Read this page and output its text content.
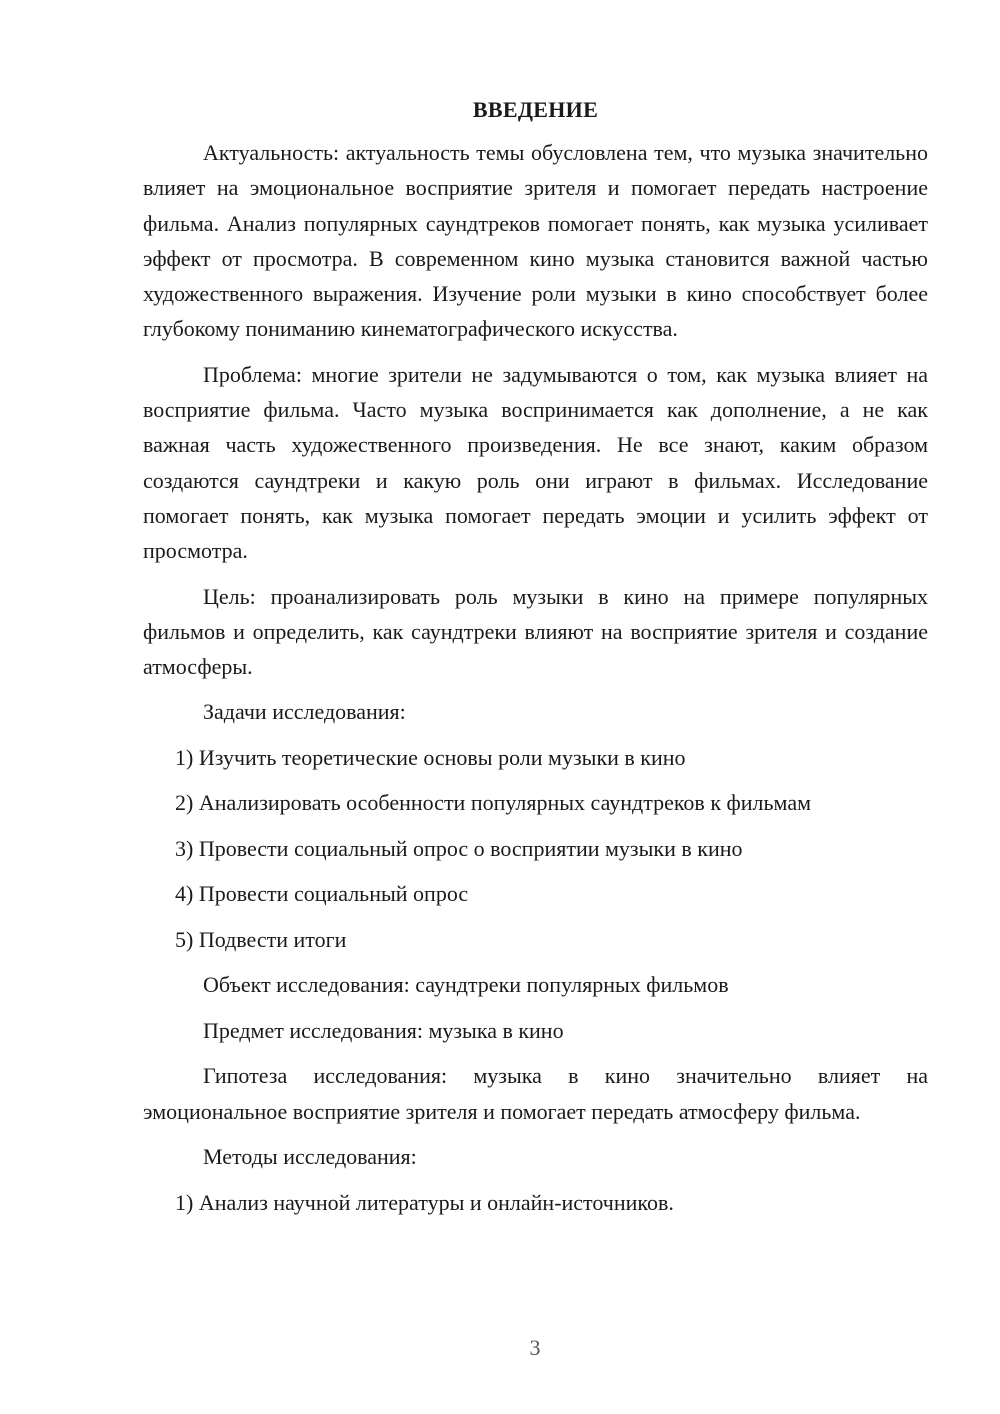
ВВЕДЕНИЕ

Актуальность: актуальность темы обусловлена тем, что музыка значительно влияет на эмоциональное восприятие зрителя и помогает передать настроение фильма. Анализ популярных саундтреков помогает понять, как музыка усиливает эффект от просмотра. В современном кино музыка становится важной частью художественного выражения. Изучение роли музыки в кино способствует более глубокому пониманию кинематографического искусства.

Проблема: многие зрители не задумываются о том, как музыка влияет на восприятие фильма. Часто музыка воспринимается как дополнение, а не как важная часть художественного произведения. Не все знают, каким образом создаются саундтреки и какую роль они играют в фильмах. Исследование помогает понять, как музыка помогает передать эмоции и усилить эффект от просмотра.

Цель: проанализировать роль музыки в кино на примере популярных фильмов и определить, как саундтреки влияют на восприятие зрителя и создание атмосферы.

Задачи исследования:
1) Изучить теоретические основы роли музыки в кино
2) Анализировать особенности популярных саундтреков к фильмам
3) Провести социальный опрос о восприятии музыки в кино
4) Провести социальный опрос
5) Подвести итоги
Объект исследования: саундтреки популярных фильмов
Предмет исследования: музыка в кино

Гипотеза исследования: музыка в кино значительно влияет на эмоциональное восприятие зрителя и помогает передать атмосферу фильма.

Методы исследования:
1) Анализ научной литературы и онлайн-источников.
3
